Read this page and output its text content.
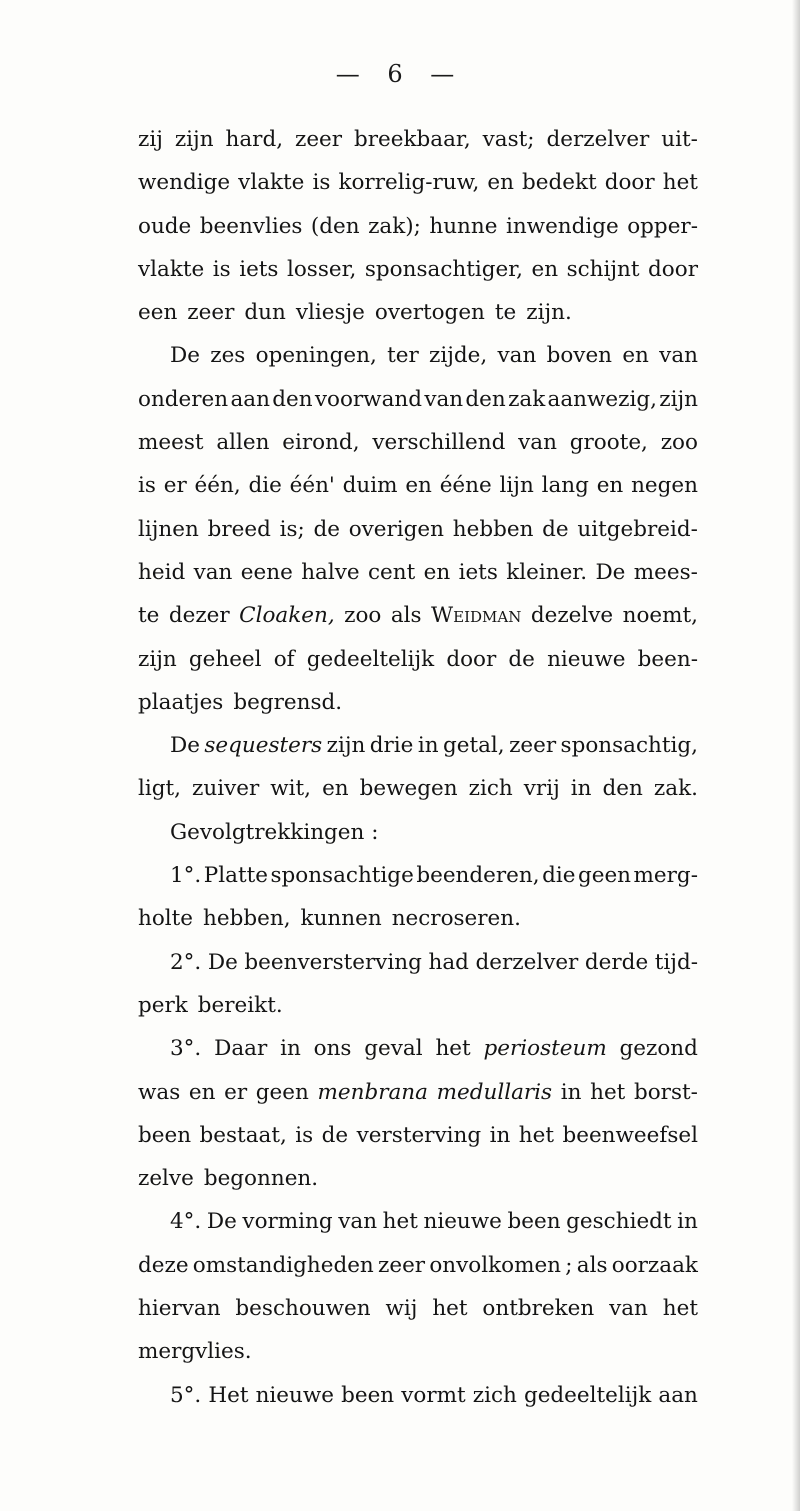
— 6 —
zij zijn hard, zeer breekbaar, vast; derzelver uit-
wendige vlakte is korrelig-ruw, en bedekt door het
oude beenvlies (den zak); hunne inwendige opper-
vlakte is iets losser, sponsachtiger, en schijnt door
een zeer dun vliesje overtogen te zijn.
De zes openingen, ter zijde, van boven en van
onderen aan den voorwand van den zak aanwezig, zijn
meest allen eirond, verschillend van groote, zoo
is er één, die één' duim en ééne lijn lang en negen
lijnen breed is; de overigen hebben de uitgebreid-
heid van eene halve cent en iets kleiner. De mees-
te dezer Cloaken, zoo als Weidman dezelve noemt,
zijn geheel of gedeeltelijk door de nieuwe been-
plaatjes begrensd.
De sequesters zijn drie in getal, zeer sponsachtig,
ligt, zuiver wit, en bewegen zich vrij in den zak.
Gevolgtrekkingen :
1°. Platte sponsachtige beenderen, die geen merg-
holte hebben, kunnen necroseren.
2°. De beenversterving had derzelver derde tijd-
perk bereikt.
3°. Daar in ons geval het periosteum gezond
was en er geen menbrana medullaris in het borst-
been bestaat, is de versterving in het beenweefsel
zelve begonnen.
4°. De vorming van het nieuwe been geschiedt in
deze omstandigheden zeer onvolkomen ; als oorzaak
hiervan beschouwen wij het ontbreken van het
mergvlies.
5°. Het nieuwe been vormt zich gedeeltelijk aan
